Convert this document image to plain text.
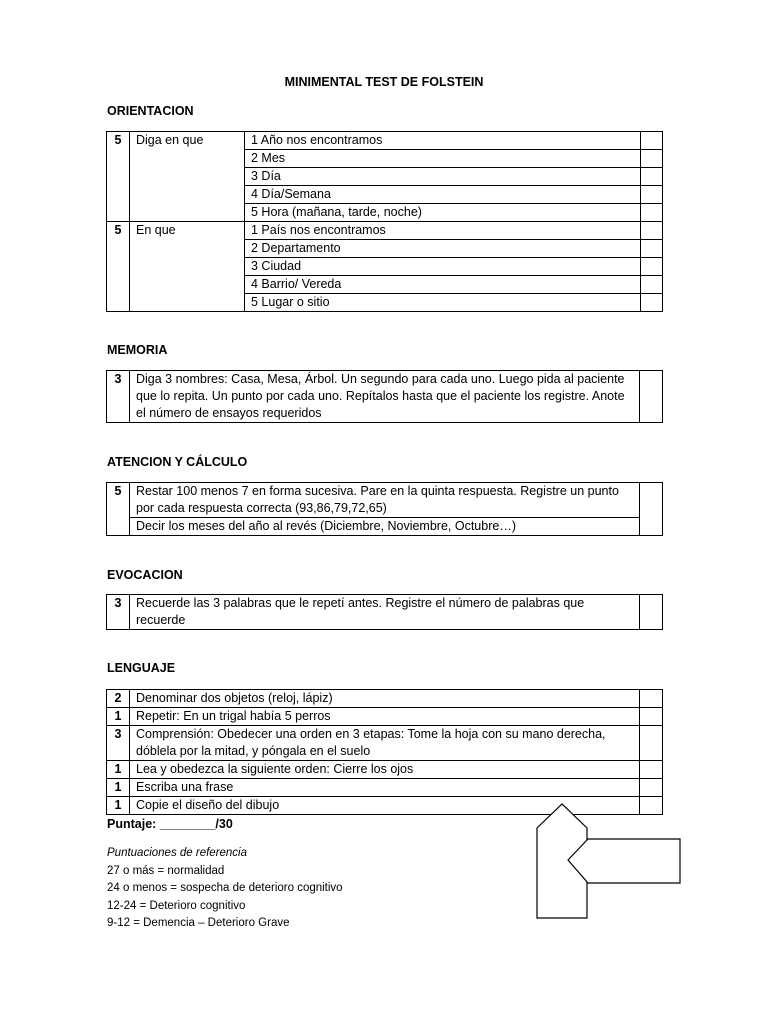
MINIMENTAL TEST DE FOLSTEIN
ORIENTACION
5	Diga en que	1 Año nos encontramos	
		2 Mes	
		3 Día	
		4 Día/Semana	
		5 Hora (mañana, tarde, noche)	
5	En que	1 País nos encontramos	
		2 Departamento	
		3 Ciudad	
		4 Barrio/ Vereda	
		5 Lugar o sitio	
MEMORIA
3	Diga 3 nombres: Casa, Mesa, Árbol. Un segundo para cada uno. Luego pida al paciente que lo repita. Un punto por cada uno. Repítalos hasta que el paciente los registre. Anote el número de ensayos requeridos	
ATENCION Y CÁLCULO
5	Restar 100 menos 7 en forma sucesiva. Pare en la quinta respuesta. Registre un punto por cada respuesta correcta (93,86,79,72,65)	
Decir los meses del año al revés (Diciembre, Noviembre, Octubre…)
EVOCACION
3	Recuerde las 3 palabras que le repetí antes. Registre el número de palabras que recuerde	
LENGUAJE
2	Denominar dos objetos (reloj, lápiz)	
1	Repetir: En un trigal había 5 perros	
3	Comprensión: Obedecer una orden en 3 etapas: Tome la hoja con su mano derecha, dóblela por la mitad, y póngala en el suelo	
1	Lea y obedezca la siguiente orden: Cierre los ojos	
1	Escriba una frase	
1	Copie el diseño del dibujo	
Puntaje: ________/30
Puntuaciones de referencia
27 o más = normalidad
24 o menos = sospecha de deterioro cognitivo
12-24 = Deterioro cognitivo
9-12 = Demencia – Deterioro Grave
